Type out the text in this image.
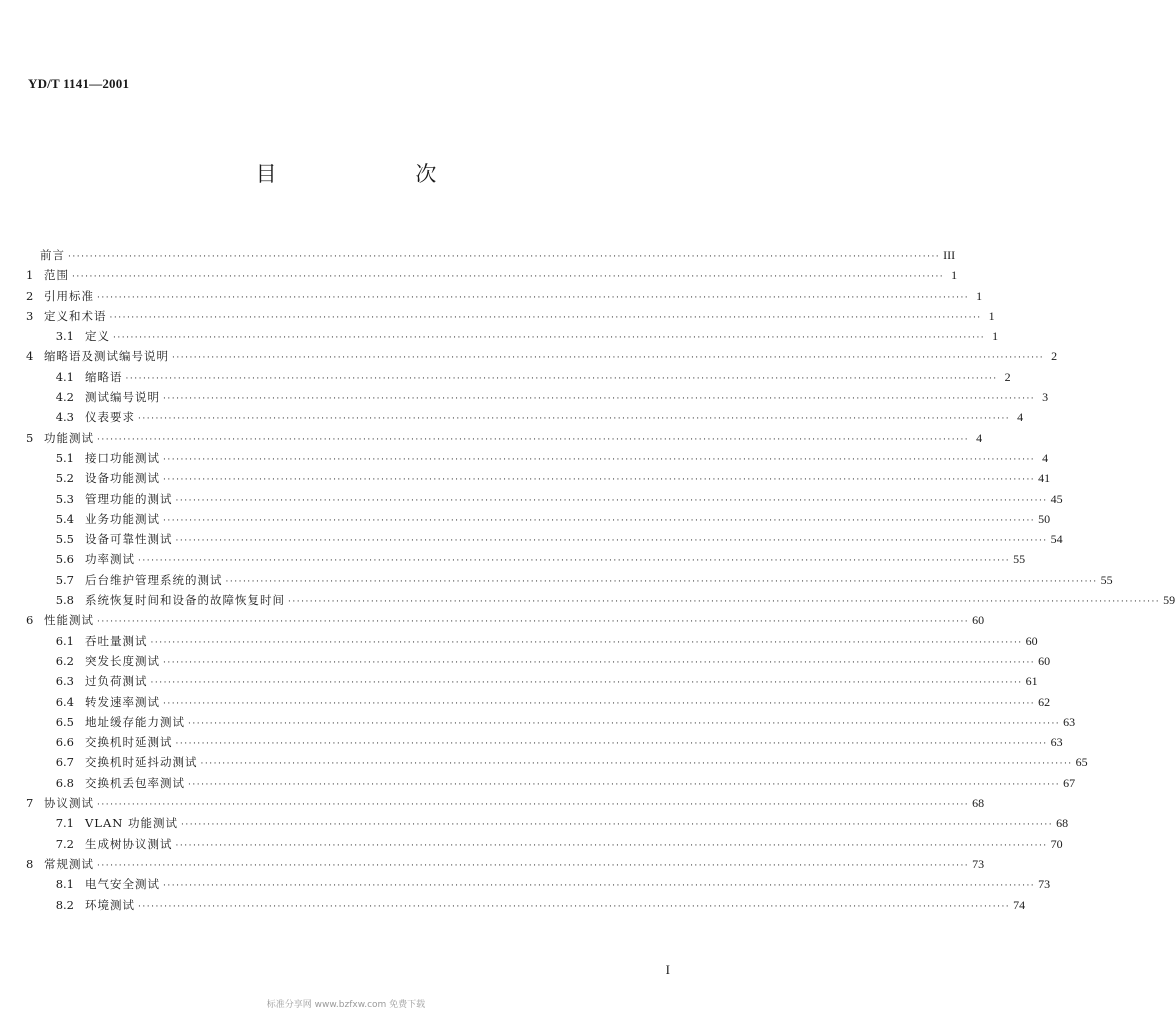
YD/T 1141—2001
目 次
前言 ········································································································································································································ III
1 范围 ········································································································································································································ 1
2 引用标准 ········································································································································································································ 1
3 定义和术语 ········································································································································································································ 1
3.1 定义 ········································································································································································································ 1
4 缩略语及测试编号说明 ········································································································································································································ 2
4.1 缩略语 ········································································································································································································ 2
4.2 测试编号说明 ········································································································································································································ 3
4.3 仪表要求 ········································································································································································································ 4
5 功能测试 ········································································································································································································ 4
5.1 接口功能测试 ········································································································································································································ 4
5.2 设备功能测试 ········································································································································································································ 41
5.3 管理功能的测试 ········································································································································································································ 45
5.4 业务功能测试 ········································································································································································································ 50
5.5 设备可靠性测试 ········································································································································································································ 54
5.6 功率测试 ········································································································································································································ 55
5.7 后台维护管理系统的测试 ········································································································································································································ 55
5.8 系统恢复时间和设备的故障恢复时间 ········································································································································································································ 59
6 性能测试 ········································································································································································································ 60
6.1 吞吐量测试 ········································································································································································································ 60
6.2 突发长度测试 ········································································································································································································ 60
6.3 过负荷测试 ········································································································································································································ 61
6.4 转发速率测试 ········································································································································································································ 62
6.5 地址缓存能力测试 ········································································································································································································ 63
6.6 交换机时延测试 ········································································································································································································ 63
6.7 交换机时延抖动测试 ········································································································································································································ 65
6.8 交换机丢包率测试 ········································································································································································································ 67
7 协议测试 ········································································································································································································ 68
7.1 VLAN 功能测试 ········································································································································································································ 68
7.2 生成树协议测试 ········································································································································································································ 70
8 常规测试 ········································································································································································································ 73
8.1 电气安全测试 ········································································································································································································ 73
8.2 环境测试 ········································································································································································································ 74
I
标准分享网 www.bzfxw.com 免费下载
